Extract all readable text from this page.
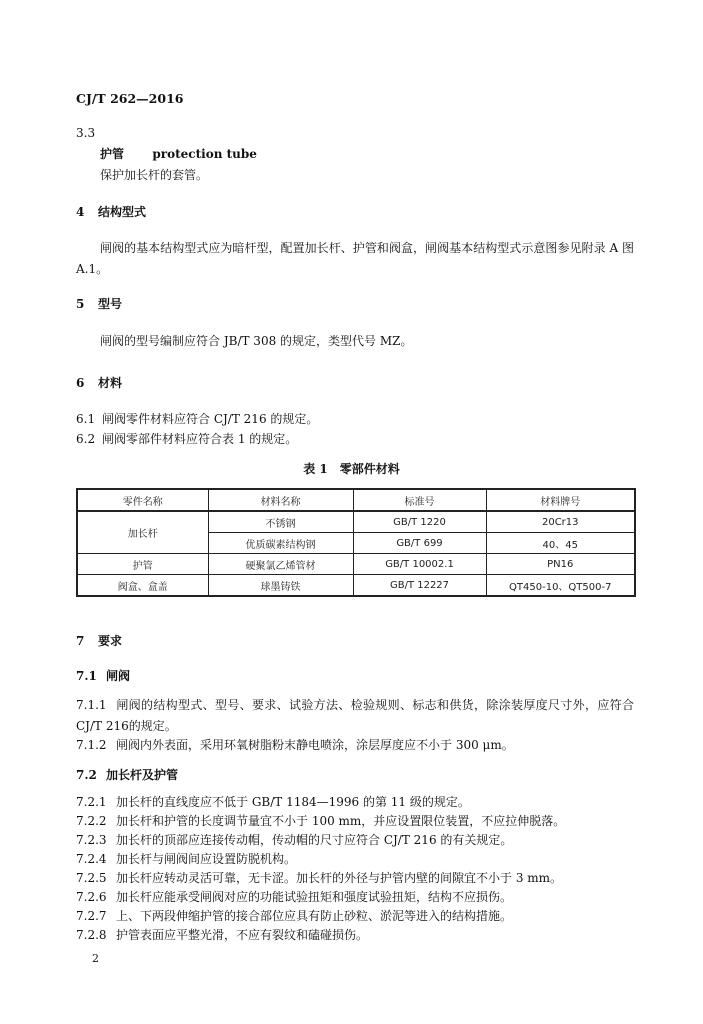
CJ/T 262—2016
3.3
护管 protection tube
保护加长杆的套管。
4 结构型式
闸阀的基本结构型式应为暗杆型，配置加长杆、护管和阀盒，闸阀基本结构型式示意图参见附录 A 图 A.1。
5 型号
闸阀的型号编制应符合 JB/T 308 的规定，类型代号 MZ。
6 材料
6.1 闸阀零件材料应符合 CJ/T 216 的规定。
6.2 闸阀零部件材料应符合表 1 的规定。
表 1　零部件材料
零件名称	材料名称	标准号	材料牌号
加长杆	不锈钢	GB/T 1220	20Cr13
	优质碳素结构钢	GB/T 699	40、45
护管	硬聚氯乙烯管材	GB/T 10002.1	PN16
阀盒、盒盖	球墨铸铁	GB/T 12227	QT450-10、QT500-7
7 要求
7.1 闸阀
7.1.1 闸阀的结构型式、型号、要求、试验方法、检验规则、标志和供货，除涂装厚度尺寸外，应符合 CJ/T 216的规定。
7.1.2 闸阀内外表面，采用环氧树脂粉末静电喷涂，涂层厚度应不小于 300 μm。
7.2 加长杆及护管
7.2.1 加长杆的直线度应不低于 GB/T 1184—1996 的第 11 级的规定。
7.2.2 加长杆和护管的长度调节量宜不小于 100 mm，并应设置限位装置，不应拉伸脱落。
7.2.3 加长杆的顶部应连接传动帽，传动帽的尺寸应符合 CJ/T 216 的有关规定。
7.2.4 加长杆与闸阀间应设置防脱机构。
7.2.5 加长杆应转动灵活可靠，无卡涩。加长杆的外径与护管内壁的间隙宜不小于 3 mm。
7.2.6 加长杆应能承受闸阀对应的功能试验扭矩和强度试验扭矩，结构不应损伤。
7.2.7 上、下两段伸缩护管的接合部位应具有防止砂粒、淤泥等进入的结构措施。
7.2.8 护管表面应平整光滑，不应有裂纹和磕碰损伤。
2
